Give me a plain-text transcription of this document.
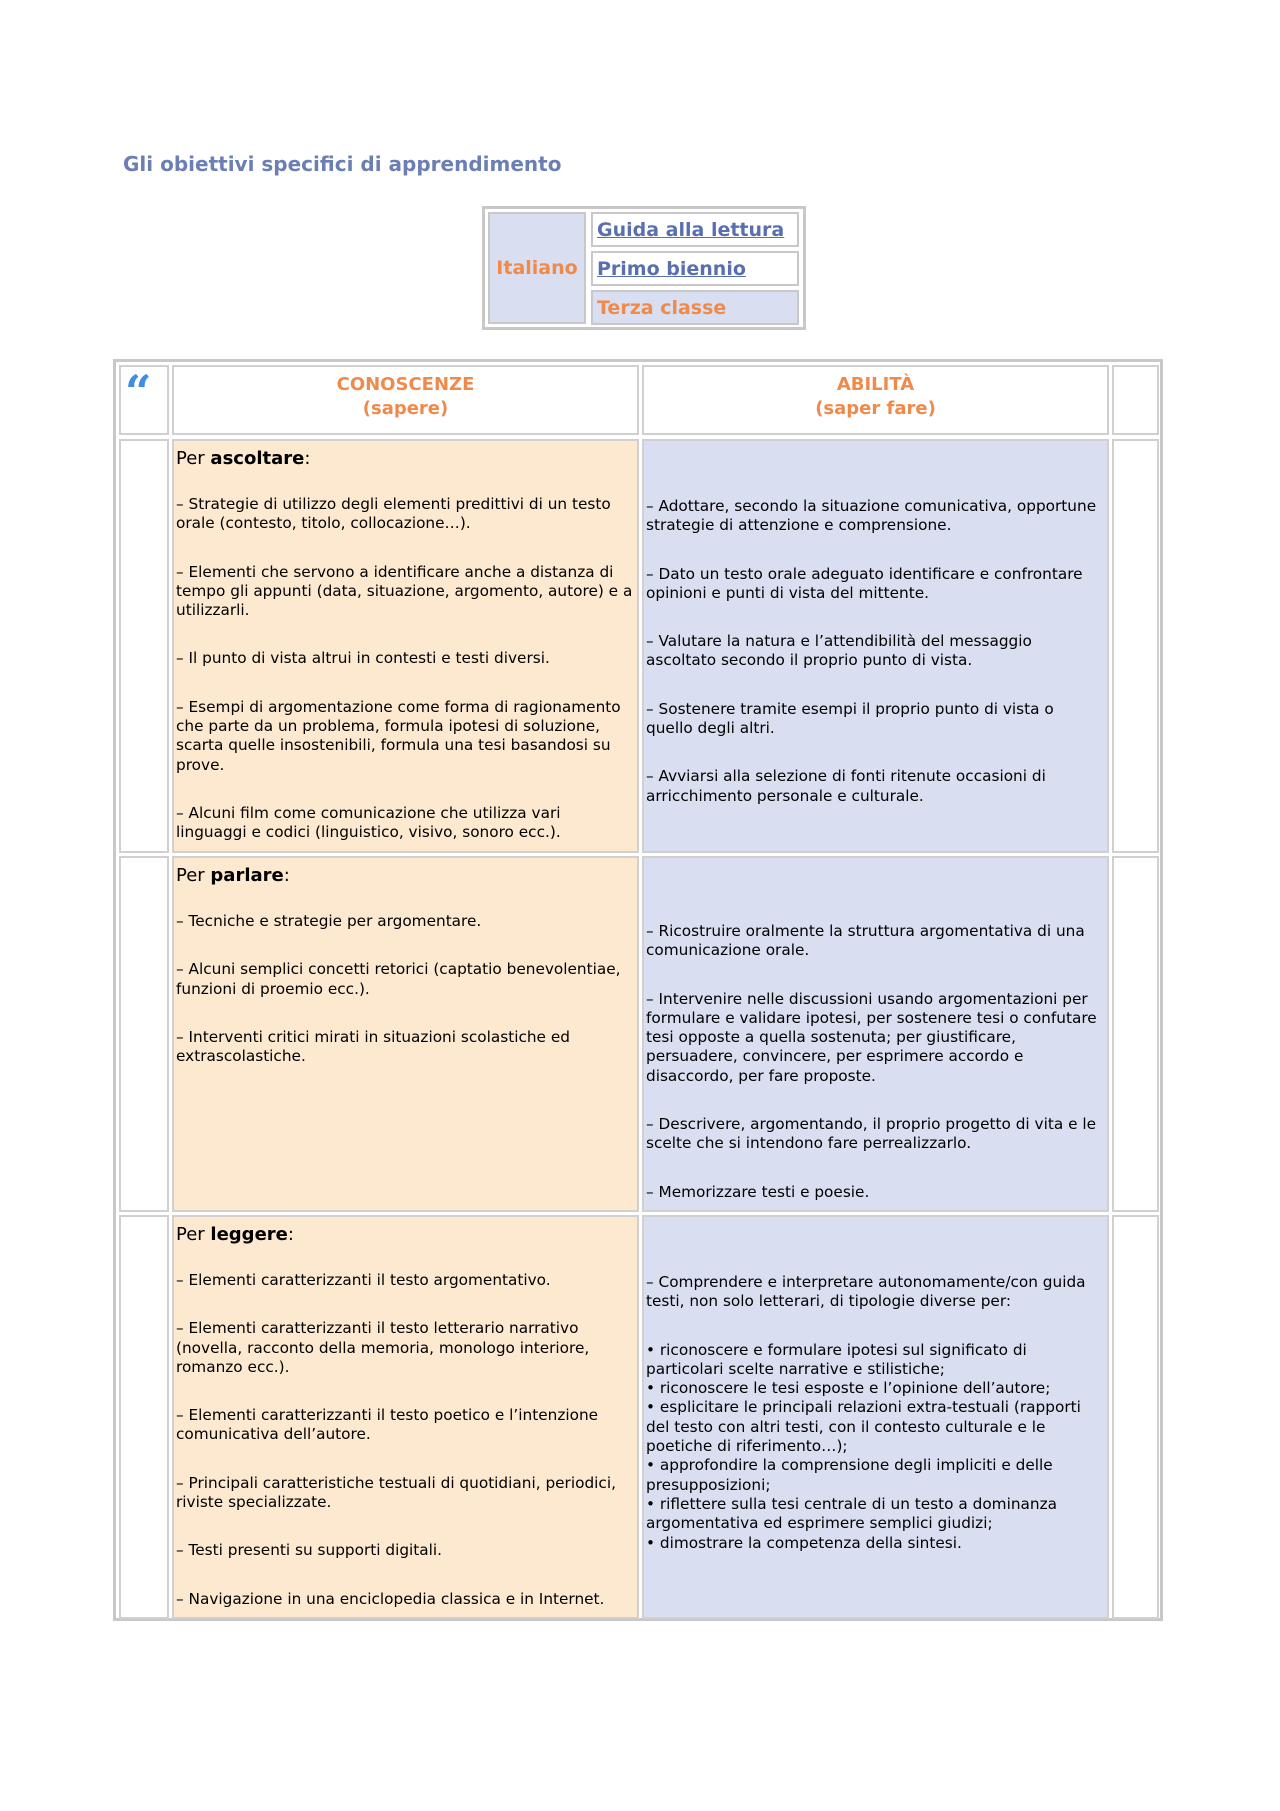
Gli obiettivi specifici di apprendimento
Italiano
Guida alla lettura
Primo biennio
Terza classe
“	CONOSCENZE
(sapere)
ABILITÀ
(saper fare)
Per ascoltare:

– Strategie di utilizzo degli elementi predittivi di un testo orale (contesto, titolo, collocazione…).

– Elementi che servono a identificare anche a distanza di tempo gli appunti (data, situazione, argomento, autore) e a utilizzarli.

– Il punto di vista altrui in contesti e testi diversi.

– Esempi di argomentazione come forma di ragionamento che parte da un problema, formula ipotesi di soluzione, scarta quelle insostenibili, formula una tesi basandosi su prove.

– Alcuni film come comunicazione che utilizza vari linguaggi e codici (linguistico, visivo, sonoro ecc.).

– Adottare, secondo la situazione comunicativa, opportune strategie di attenzione e comprensione.

– Dato un testo orale adeguato identificare e confrontare opinioni e punti di vista del mittente.

– Valutare la natura e l’attendibilità del messaggio ascoltato secondo il proprio punto di vista.

– Sostenere tramite esempi il proprio punto di vista o quello degli altri.

– Avviarsi alla selezione di fonti ritenute occasioni di arricchimento personale e culturale.

Per parlare:

– Tecniche e strategie per argomentare.

– Alcuni semplici concetti retorici (captatio benevolentiae, funzioni di proemio ecc.).

– Interventi critici mirati in situazioni scolastiche ed extrascolastiche.

– Ricostruire oralmente la struttura argomentativa di una comunicazione orale.

– Intervenire nelle discussioni usando argomentazioni per formulare e validare ipotesi, per sostenere tesi o confutare tesi opposte a quella sostenuta; per giustificare, persuadere, convincere, per esprimere accordo e disaccordo, per fare proposte.

– Descrivere, argomentando, il proprio progetto di vita e le scelte che si intendono fare perrealizzarlo.

– Memorizzare testi e poesie.

Per leggere:

– Elementi caratterizzanti il testo argomentativo.

– Elementi caratterizzanti il testo letterario narrativo (novella, racconto della memoria, monologo interiore, romanzo ecc.).

– Elementi caratterizzanti il testo poetico e l’intenzione comunicativa dell’autore.

– Principali caratteristiche testuali di quotidiani, periodici, riviste specializzate.

– Testi presenti su supporti digitali.

– Navigazione in una enciclopedia classica e in Internet.

– Comprendere e interpretare autonomamente/con guida testi, non solo letterari, di tipologie diverse per:

• riconoscere e formulare ipotesi sul significato di particolari scelte narrative e stilistiche;

• riconoscere le tesi esposte e l’opinione dell’autore;

• esplicitare le principali relazioni extra-testuali (rapporti del testo con altri testi, con il contesto culturale e le poetiche di riferimento…);

• approfondire la comprensione degli impliciti e delle presupposizioni;

• riflettere sulla tesi centrale di un testo a dominanza argomentativa ed esprimere semplici giudizi;

• dimostrare la competenza della sintesi.
